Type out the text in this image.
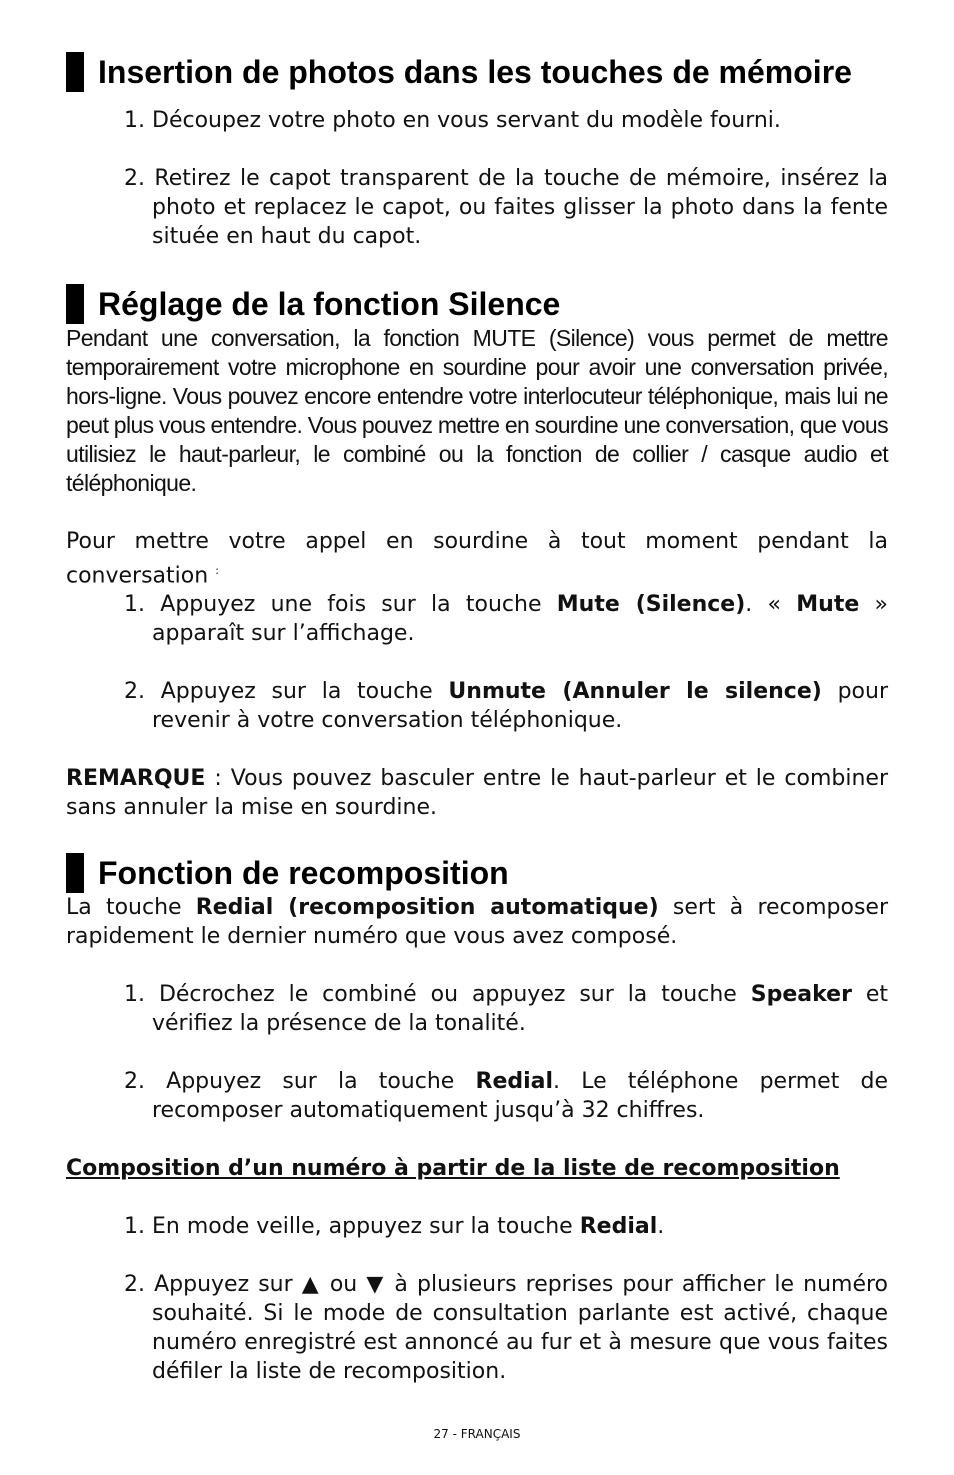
Insertion de photos dans les touches de mémoire
1. Découpez votre photo en vous servant du modèle fourni.
2. Retirez le capot transparent de la touche de mémoire, insérez la photo et replacez le capot, ou faites glisser la photo dans la fente située en haut du capot.
Réglage de la fonction Silence

Pendant une conversation, la fonction MUTE (Silence) vous permet de mettre temporairement votre microphone en sourdine pour avoir une conversation privée, hors-ligne. Vous pouvez encore entendre votre interlocuteur téléphonique, mais lui ne peut plus vous entendre. Vous pouvez mettre en sourdine une conversation, que vous utilisiez le haut-parleur, le combiné ou la fonction de collier / casque audio et téléphonique.

Pour mettre votre appel en sourdine à tout moment pendant la conversation :

1. Appuyez une fois sur la touche Mute (Silence). « Mute » apparaît sur l’affichage.
2. Appuyez sur la touche Unmute (Annuler le silence) pour revenir à votre conversation téléphonique.

REMARQUE : Vous pouvez basculer entre le haut-parleur et le combiner sans annuler la mise en sourdine.

Fonction de recomposition

La touche Redial (recomposition automatique) sert à recomposer rapidement le dernier numéro que vous avez composé.

1. Décrochez le combiné ou appuyez sur la touche Speaker et vérifiez la présence de la tonalité.
2. Appuyez sur la touche Redial. Le téléphone permet de recomposer automatiquement jusqu’à 32 chiffres.

Composition d’un numéro à partir de la liste de recomposition

1. En mode veille, appuyez sur la touche Redial.
2. Appuyez sur ▲ ou ▼ à plusieurs reprises pour afficher le numéro souhaité. Si le mode de consultation parlante est activé, chaque numéro enregistré est annoncé au fur et à mesure que vous faites défiler la liste de recomposition.
27 - FRANÇAIS
